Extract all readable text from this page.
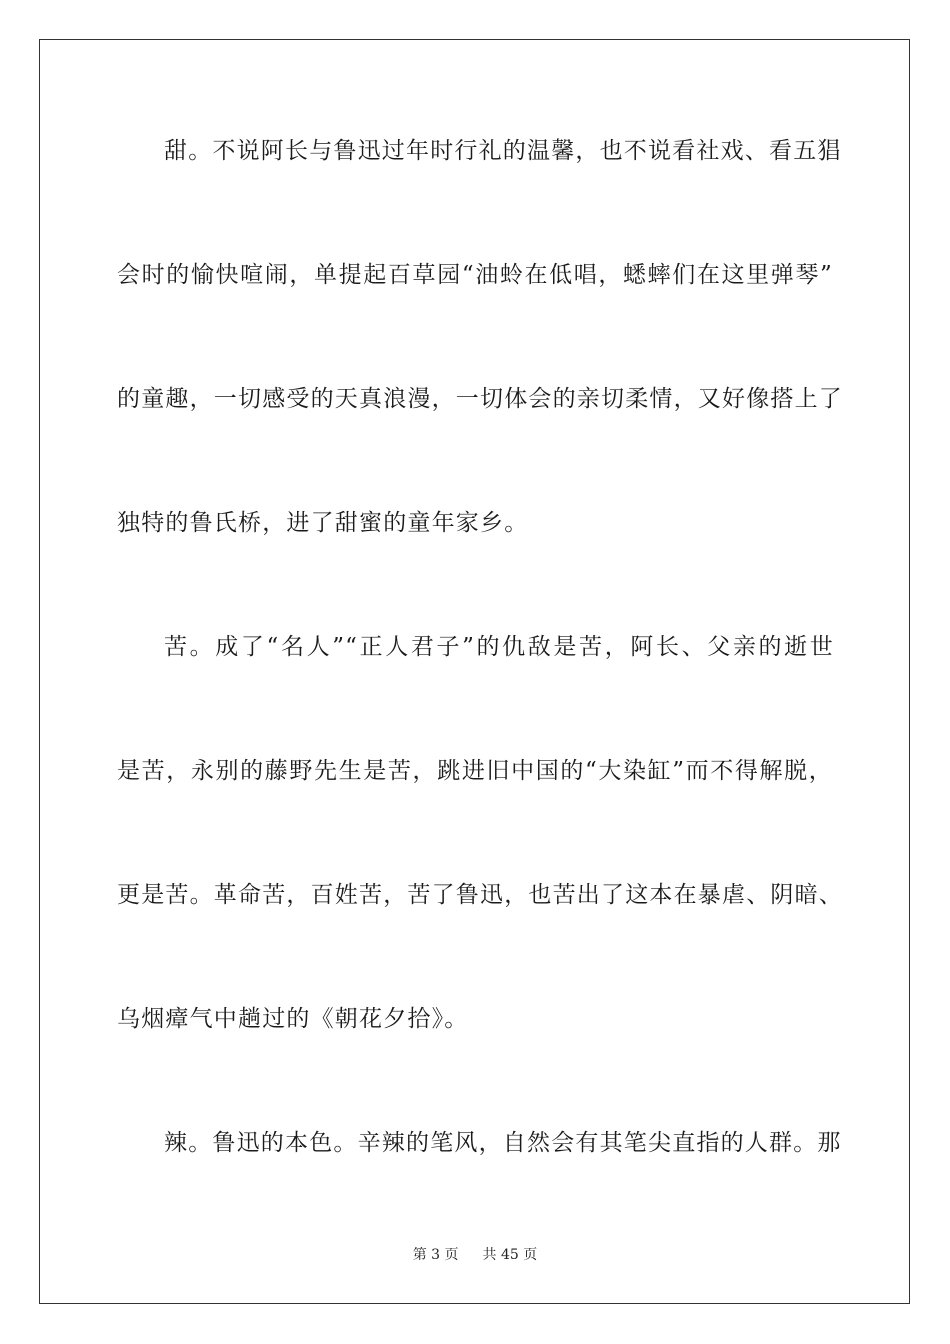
甜。不说阿长与鲁迅过年时行礼的温馨，也不说看社戏、看五猖
会时的愉快喧闹，单提起百草园“油蛉在低唱，蟋蟀们在这里弹琴”
的童趣，一切感受的天真浪漫，一切体会的亲切柔情，又好像搭上了
独特的鲁氏桥，进了甜蜜的童年家乡。
苦。成了“名人”“正人君子”的仇敌是苦，阿长、父亲的逝世
是苦，永别的藤野先生是苦，跳进旧中国的“大染缸”而不得解脱，
更是苦。革命苦，百姓苦，苦了鲁迅，也苦出了这本在暴虐、阴暗、
乌烟瘴气中趟过的《朝花夕拾》。
辣。鲁迅的本色。辛辣的笔风，自然会有其笔尖直指的人群。那
第 3 页 共 45 页
